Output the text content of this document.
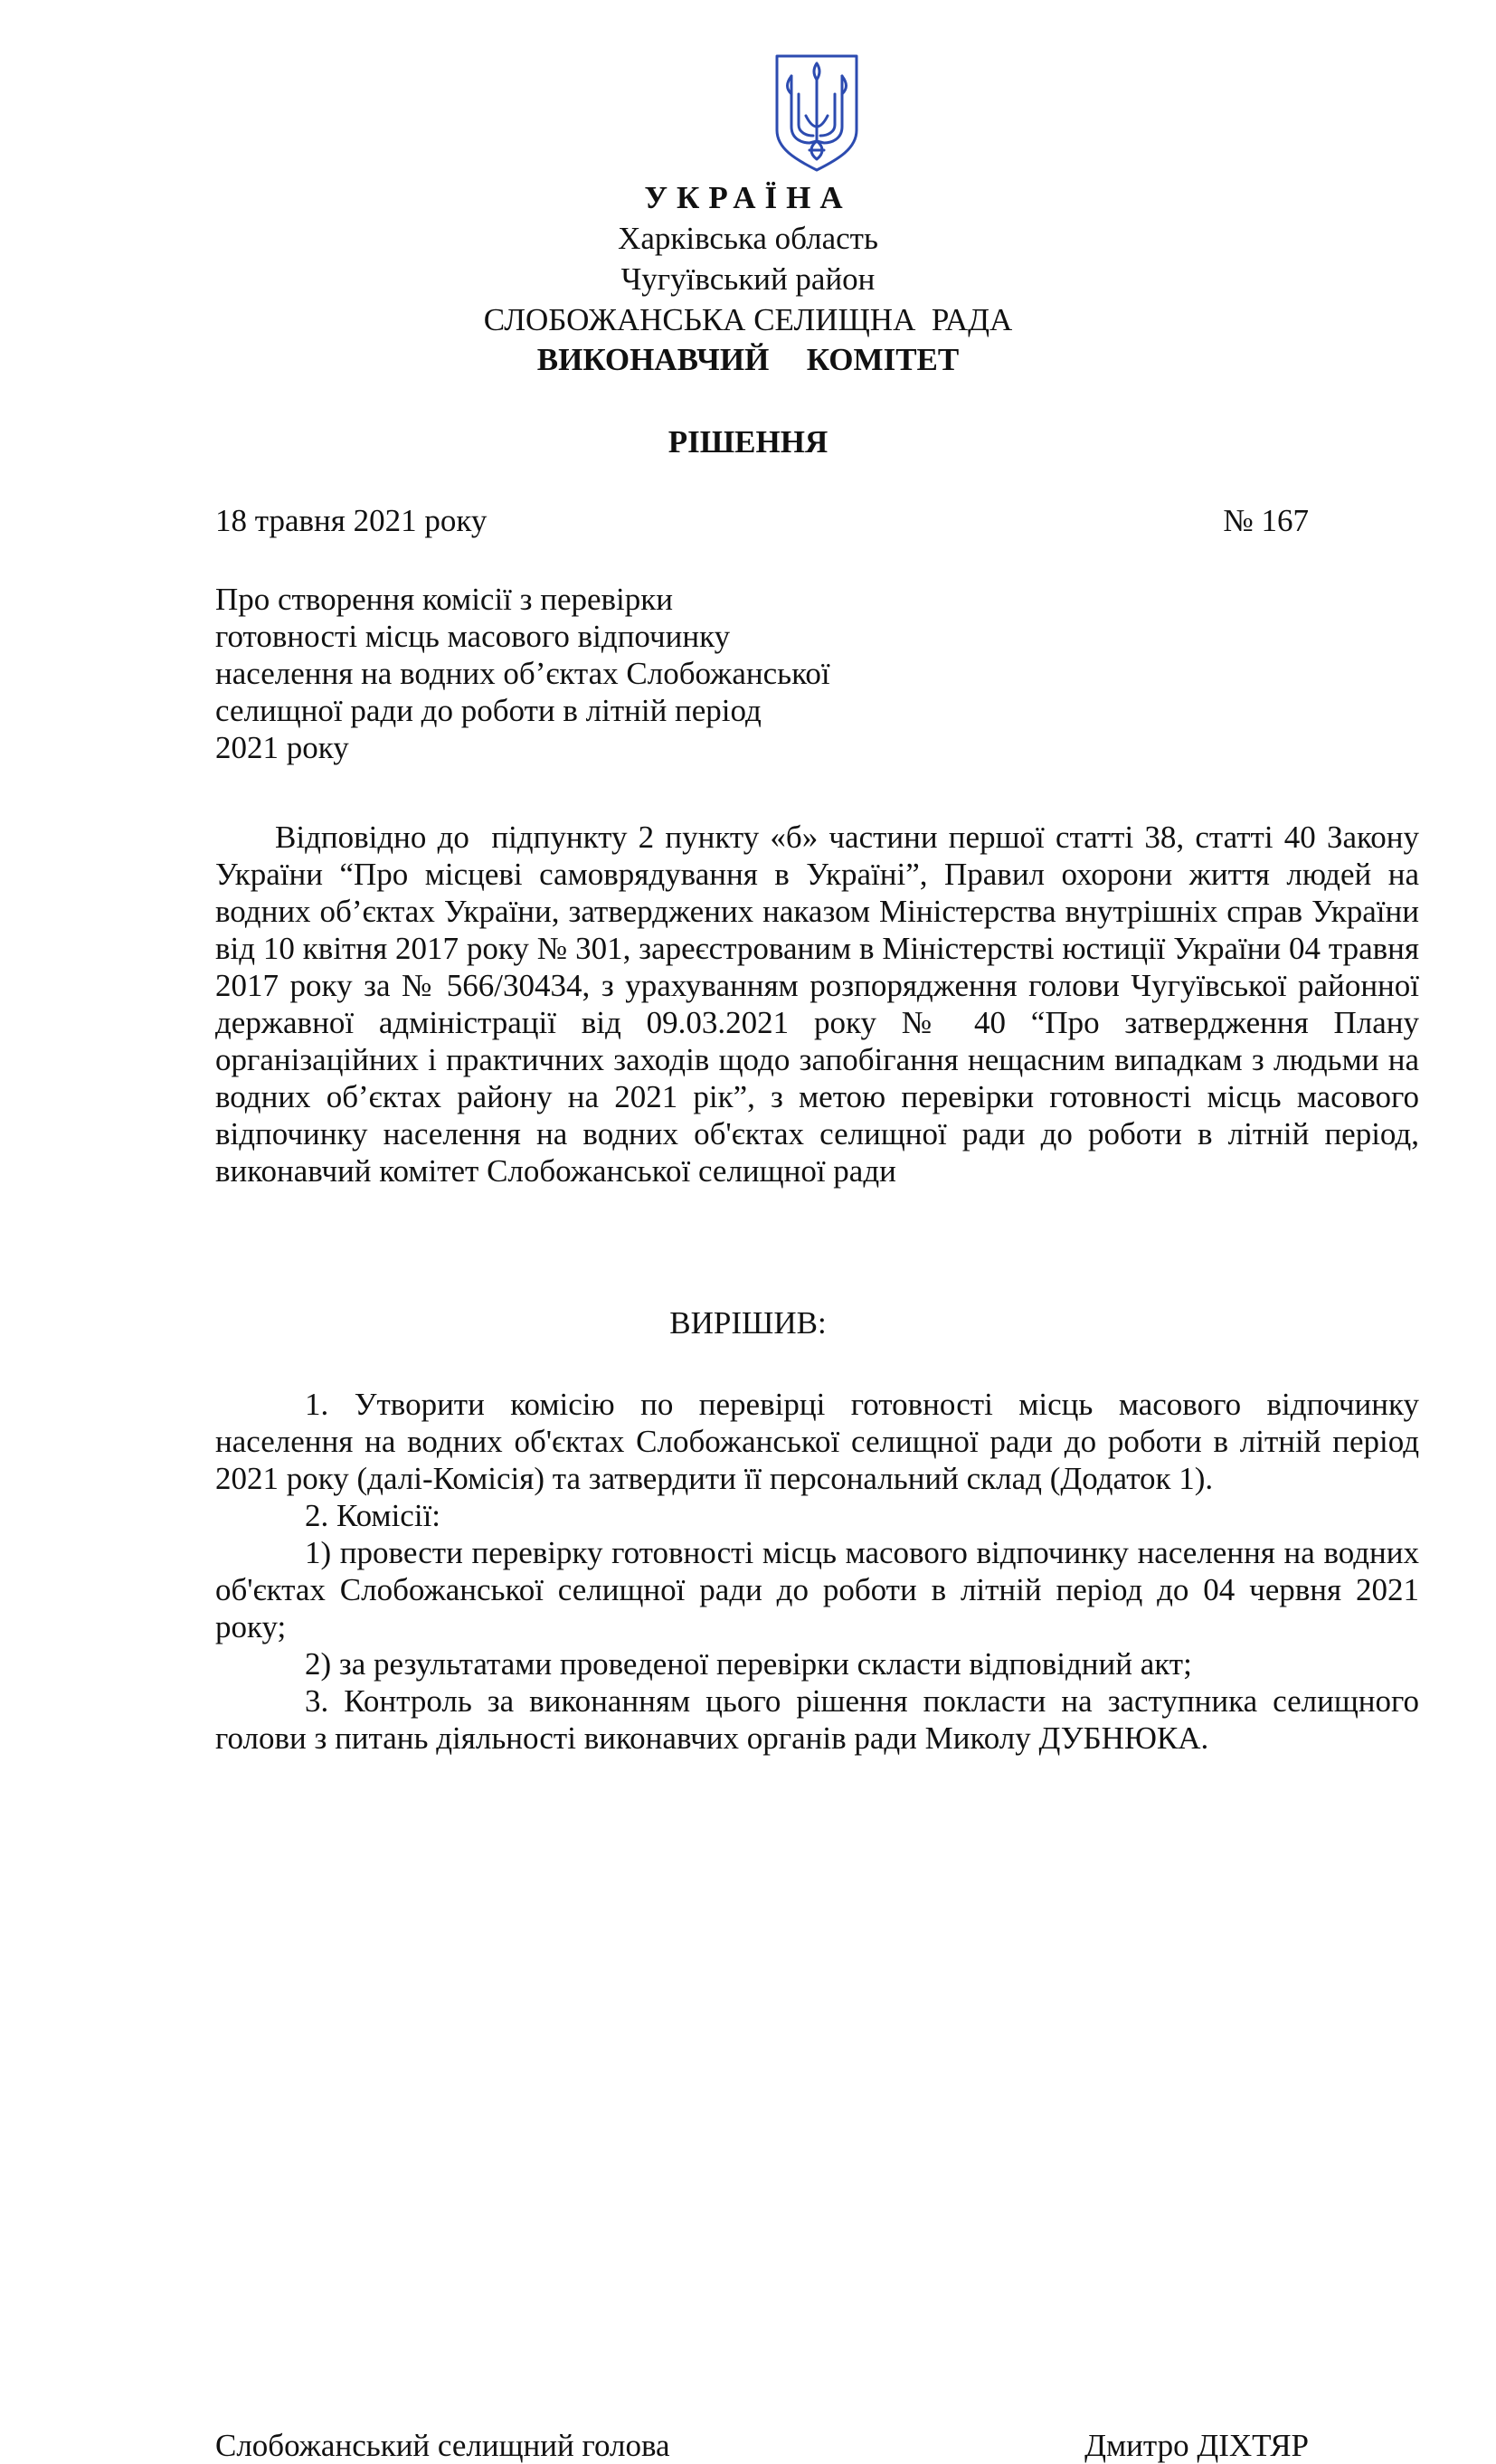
УКРАЇНА
Харківська область
Чугуївський район
СЛОБОЖАНСЬКА СЕЛИЩНА  РАДА
ВИКОНАВЧИЙ  КОМІТЕТ
РІШЕННЯ
18 травня 2021 року	№ 167
Про створення комісії з перевірки
готовності місць масового відпочинку
населення на водних об’єктах Слобожанської
селищної ради до роботи в літній період
2021 року
Відповідно до  підпункту 2 пункту «б» частини першої статті 38, статті 40 Закону України “Про місцеві самоврядування в Україні”, Правил охорони життя людей на водних об’єктах України, затверджених наказом Міністерства внутрішніх справ України від 10 квітня 2017 року № 301, зареєстрованим в Міністерстві юстиції України 04 травня 2017 року за № 566/30434, з урахуванням розпорядження голови Чугуївської районної державної адміністрації від 09.03.2021 року № 40 “Про затвердження Плану організаційних і практичних заходів щодо запобігання нещасним випадкам з людьми на водних об’єктах району на 2021 рік”, з метою перевірки готовності місць масового відпочинку населення на водних об'єктах селищної ради до роботи в літній період, виконавчий комітет Слобожанської селищної ради
ВИРІШИВ:

1. Утворити комісію по перевірці готовності місць масового відпочинку населення на водних об'єктах Слобожанської селищної ради до роботи в літній період 2021 року (далі-Комісія) та затвердити її персональний склад (Додаток 1).

2. Комісії:

1) провести перевірку готовності місць масового відпочинку населення на водних об'єктах Слобожанської селищної ради до роботи в літній період до 04 червня 2021 року;

2) за результатами проведеної перевірки скласти відповідний акт;

3. Контроль за виконанням цього рішення покласти на заступника селищного голови з питань діяльності виконавчих органів ради Миколу ДУБНЮКА.

Слобожанський селищний голова	Дмитро ДІХТЯР
